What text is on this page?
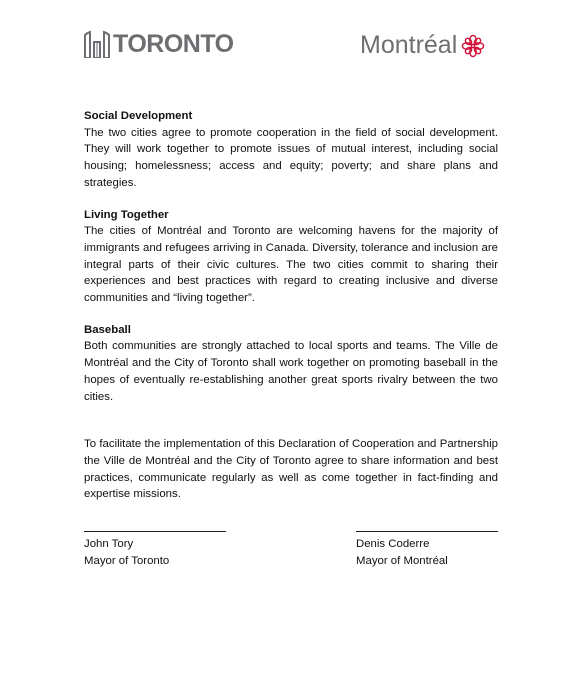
TORONTO	Montréal
Social Development
The two cities agree to promote cooperation in the field of social development. They will work together to promote issues of mutual interest, including social housing; homelessness; access and equity; poverty; and share plans and strategies.
Living Together
The cities of Montréal and Toronto are welcoming havens for the majority of immigrants and refugees arriving in Canada. Diversity, tolerance and inclusion are integral parts of their civic cultures. The two cities commit to sharing their experiences and best practices with regard to creating inclusive and diverse communities and “living together”.
Baseball
Both communities are strongly attached to local sports and teams. The Ville de Montréal and the City of Toronto shall work together on promoting baseball in the hopes of eventually re-establishing another great sports rivalry between the two cities.
To facilitate the implementation of this Declaration of Cooperation and Partnership the Ville de Montréal and the City of Toronto agree to share information and best practices, communicate regularly as well as come together in fact-finding and expertise missions.
John Tory
Mayor of Toronto
Denis Coderre
Mayor of Montréal
